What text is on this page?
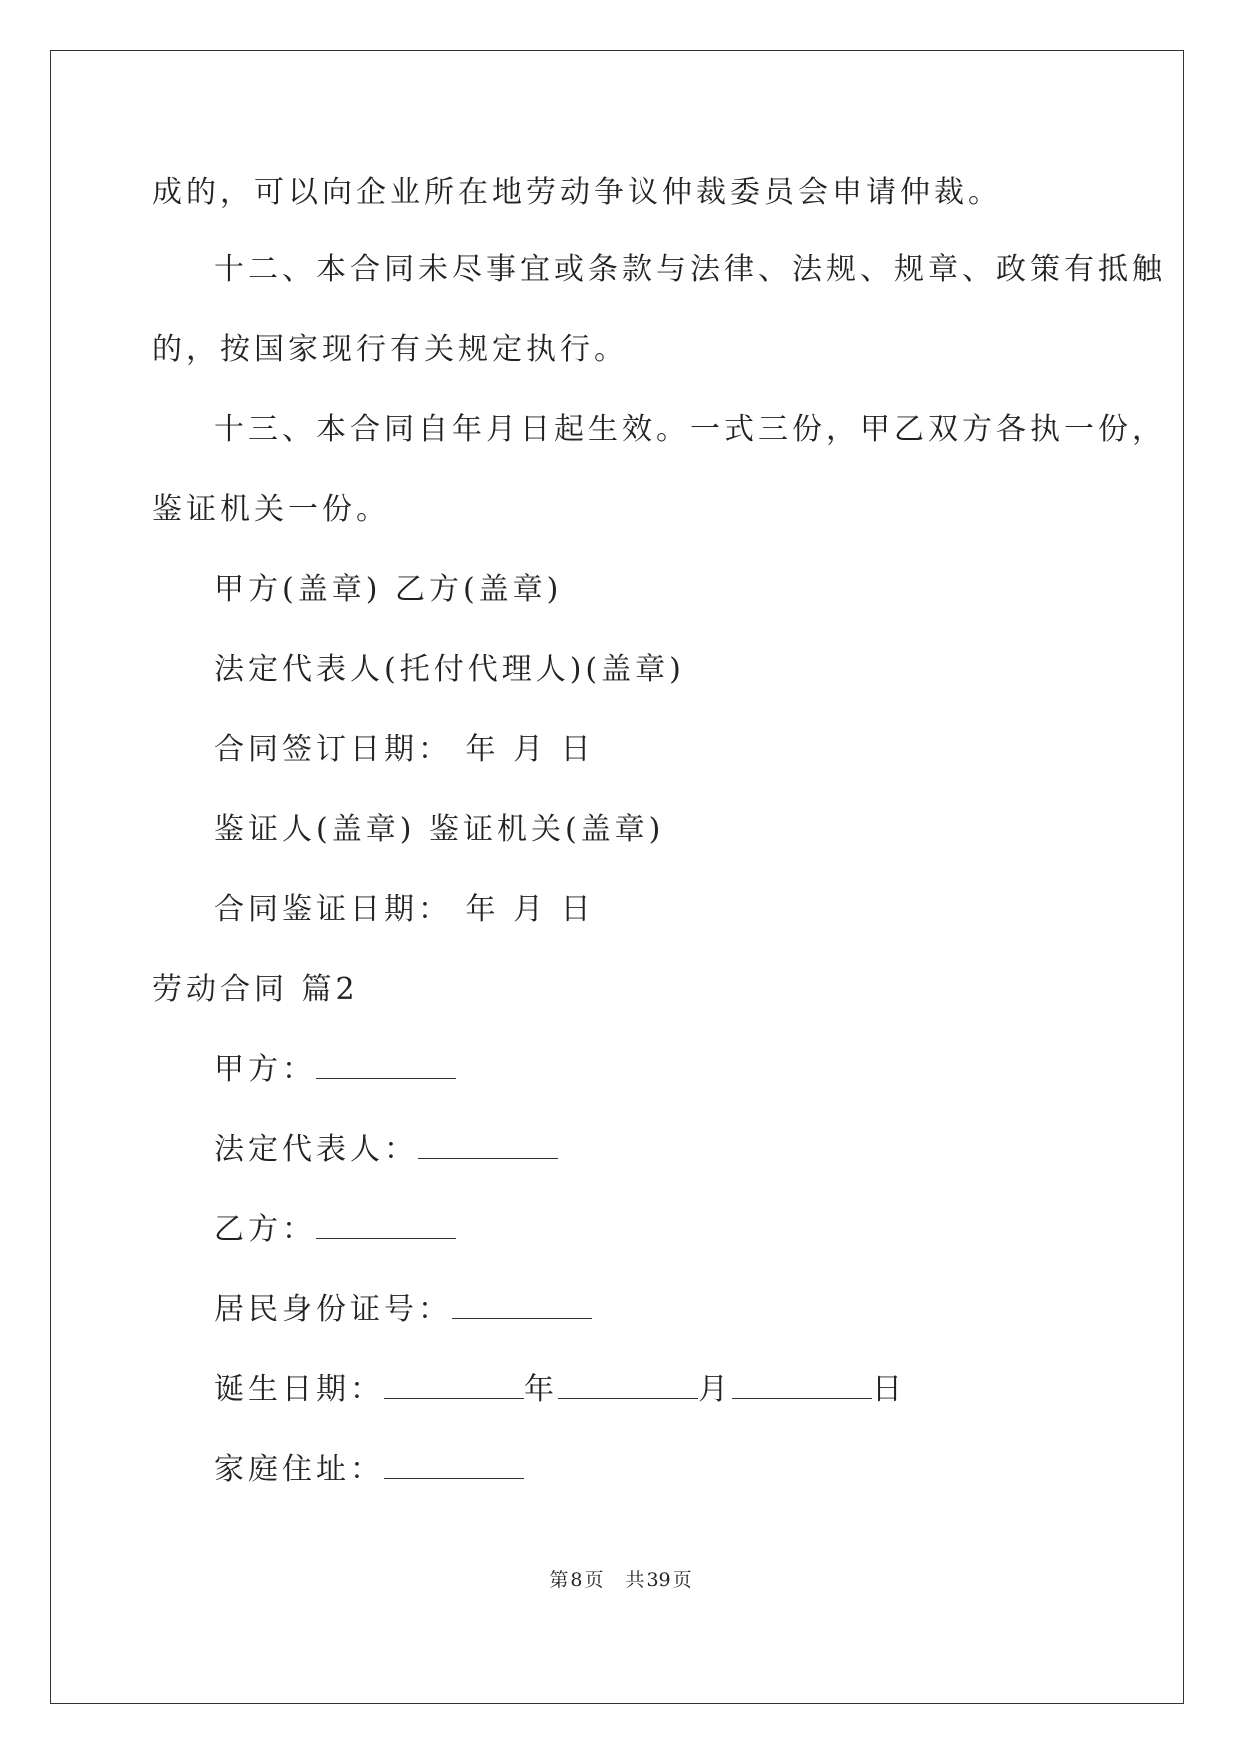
成的，可以向企业所在地劳动争议仲裁委员会申请仲裁。
十二、本合同未尽事宜或条款与法律、法规、规章、政策有抵触
的，按国家现行有关规定执行。
十三、本合同自年月日起生效。一式三份，甲乙双方各执一份，
鉴证机关一份。
甲方(盖章) 乙方(盖章)
法定代表人(托付代理人)(盖章)
合同签订日期： 年 月 日
鉴证人(盖章) 鉴证机关(盖章)
合同鉴证日期： 年 月 日
劳动合同 篇2
甲方：
法定代表人：
乙方：
居民身份证号：
诞生日期：	年	月	日
家庭住址：
第 8 页 共 39 页
